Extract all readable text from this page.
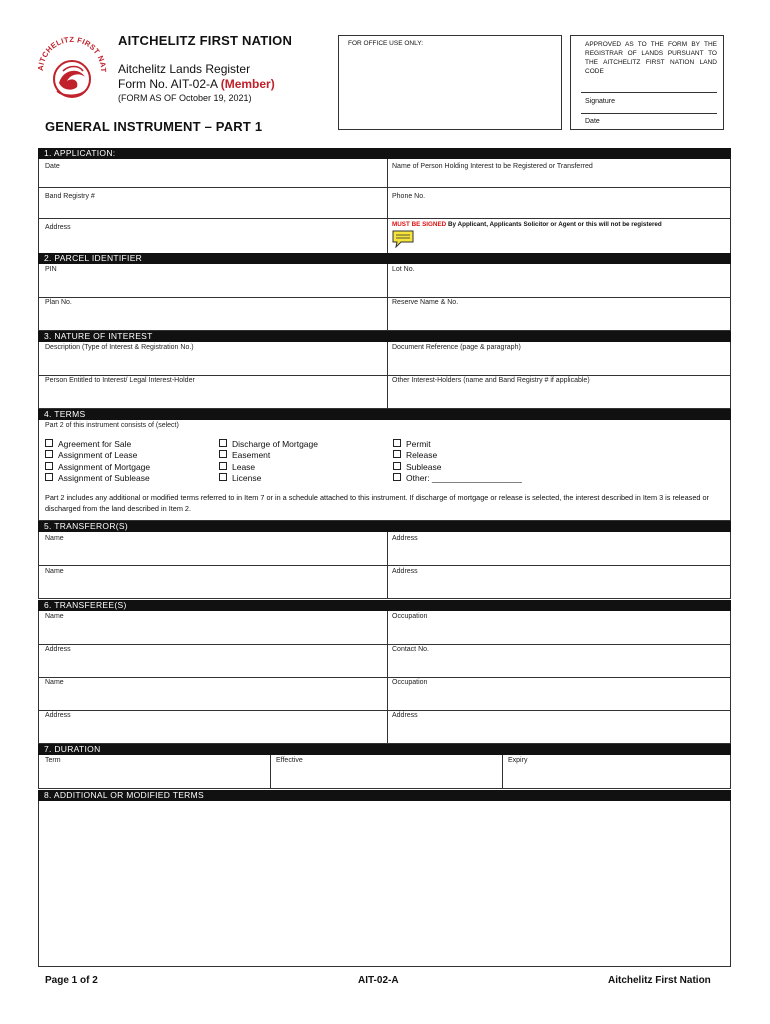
AITCHELITZ FIRST NAT
AITCHELITZ FIRST NATION
Aitchelitz Lands Register
Form No. AIT-02-A (Member)
(FORM AS OF October 19, 2021)
FOR OFFICE USE ONLY:	APPROVED AS TO THE FORM BY THE REGISTRAR OF LANDS PURSUANT TO THE AITCHELITZ FIRST NATION LAND CODE
Signature
Date
GENERAL INSTRUMENT – PART 1
1. APPLICATION:
Date	Name of Person Holding Interest to be Registered or Transferred
Band Registry #	Phone No.
Address	MUST BE SIGNED By Applicant, Applicants Solicitor or Agent or this will not be registered
2. PARCEL IDENTIFIER
PIN	Lot No.
Plan No.	Reserve Name & No.
3. NATURE OF INTEREST
Description (Type of Interest & Registration No.)	Document Reference (page & paragraph)
Person Entitled to Interest/ Legal Interest-Holder	Other Interest-Holders (name and Band Registry # if applicable)
4. TERMS
Part 2 of this instrument consists of (select)
Agreement for Sale
Assignment of Lease
Assignment of Mortgage
Assignment of Sublease
Discharge of Mortgage
Easement
Lease
License
Permit
Release
Sublease
Other: ___________________
Part 2 includes any additional or modified terms referred to in Item 7 or in a schedule attached to this instrument. If discharge of mortgage or release is selected, the interest described in Item 3 is released or discharged from the land described in Item 2.
5. TRANSFEROR(S)
Name	Address
Name	Address
6. TRANSFEREE(S)
Name	Occupation
Address	Contact No.
Name	Occupation
Address	Address
7. DURATION
Term	Effective	Expiry
8. ADDITIONAL OR MODIFIED TERMS
Page 1 of 2	AIT-02-A	Aitchelitz First Nation
